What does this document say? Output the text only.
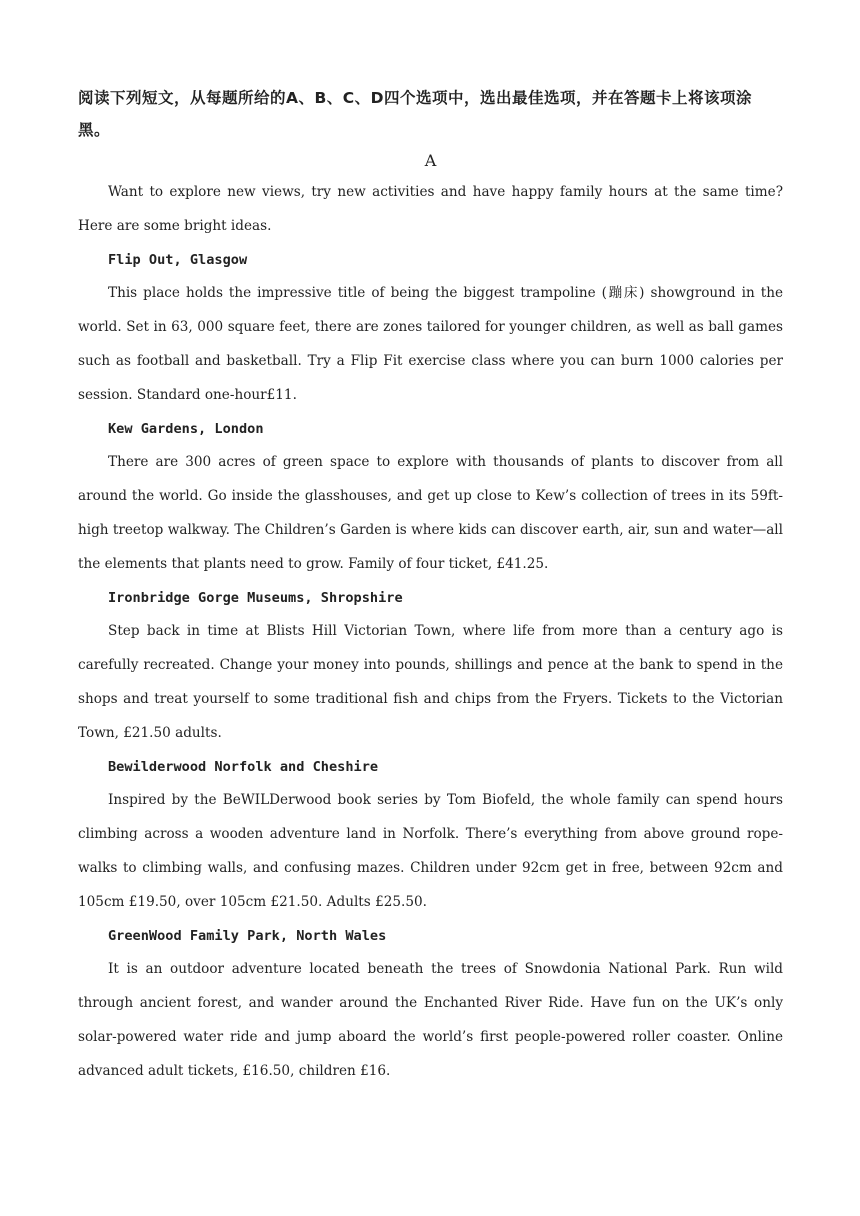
阅读下列短文，从每题所给的A、B、C、D四个选项中，选出最佳选项，并在答题卡上将该项涂黑。

A

Want to explore new views, try new activities and have happy family hours at the same time? Here are some bright ideas.

Flip Out, Glasgow

This place holds the impressive title of being the biggest trampoline (蹦床) showground in the world. Set in 63, 000 square feet, there are zones tailored for younger children, as well as ball games such as football and basketball. Try a Flip Fit exercise class where you can burn 1000 calories per session. Standard one-hour£11.

Kew Gardens, London

There are 300 acres of green space to explore with thousands of plants to discover from all around the world. Go inside the glasshouses, and get up close to Kew’s collection of trees in its 59ft-high treetop walkway. The Children’s Garden is where kids can discover earth, air, sun and water—all the elements that plants need to grow. Family of four ticket, £41.25.

Ironbridge Gorge Museums, Shropshire

Step back in time at Blists Hill Victorian Town, where life from more than a century ago is carefully recreated. Change your money into pounds, shillings and pence at the bank to spend in the shops and treat yourself to some traditional fish and chips from the Fryers. Tickets to the Victorian Town, £21.50 adults.

Bewilderwood Norfolk and Cheshire

Inspired by the BeWILDerwood book series by Tom Biofeld, the whole family can spend hours climbing across a wooden adventure land in Norfolk. There’s everything from above ground rope-walks to climbing walls, and confusing mazes. Children under 92cm get in free, between 92cm and 105cm £19.50, over 105cm £21.50. Adults £25.50.

GreenWood Family Park, North Wales

It is an outdoor adventure located beneath the trees of Snowdonia National Park. Run wild through ancient forest, and wander around the Enchanted River Ride. Have fun on the UK’s only solar-powered water ride and jump aboard the world’s first people-powered roller coaster. Online advanced adult tickets, £16.50, children £16.
